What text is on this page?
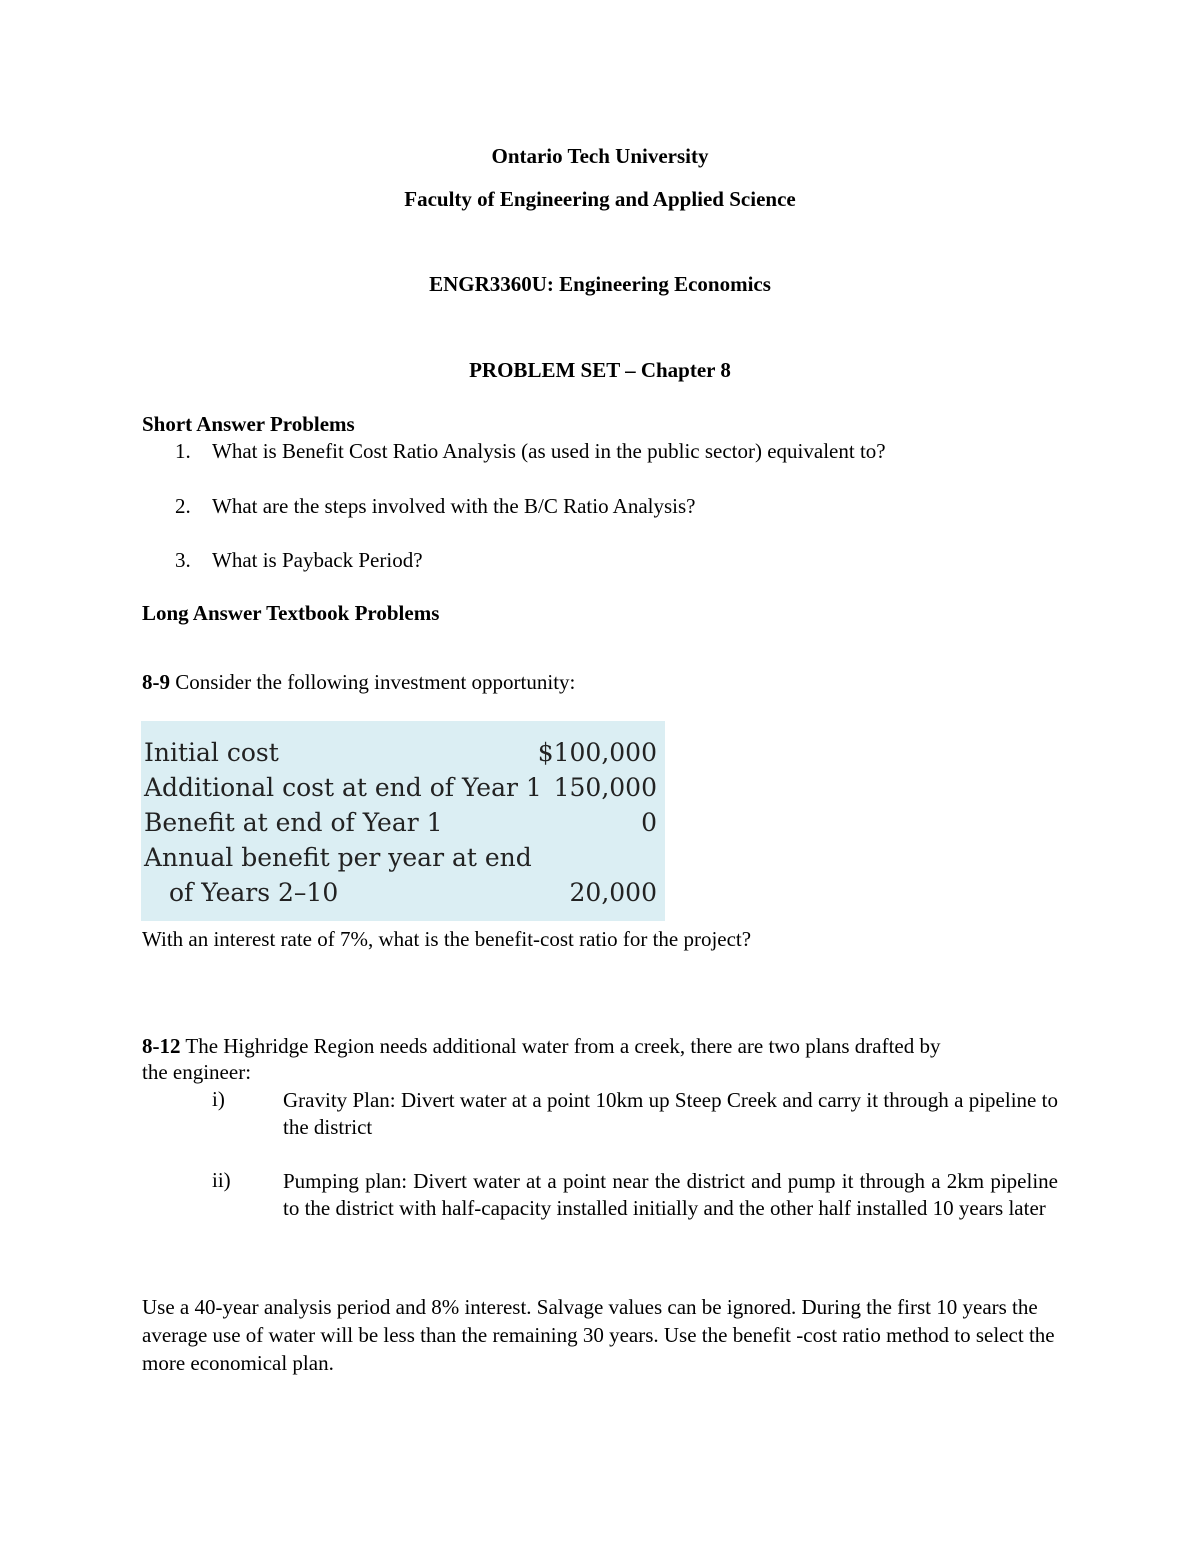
Ontario Tech University
Faculty of Engineering and Applied Science
ENGR3360U: Engineering Economics
PROBLEM SET – Chapter 8
Short Answer Problems
1. What is Benefit Cost Ratio Analysis (as used in the public sector) equivalent to?
2. What are the steps involved with the B/C Ratio Analysis?
3. What is Payback Period?
Long Answer Textbook Problems
8-9 Consider the following investment opportunity:
Initial cost	$100,000
Additional cost at end of Year 1 150,000
Benefit at end of Year 1	0
Annual benefit per year at end
of Years 2–10	20,000
With an interest rate of 7%, what is the benefit-cost ratio for the project?
8-12 The Highridge Region needs additional water from a creek, there are two plans drafted by
the engineer:
i)	Gravity Plan: Divert water at a point 10km up Steep Creek and carry it through a pipeline to the district
ii) Pumping plan: Divert water at a point near the district and pump it through a 2km pipeline to the district with half-capacity installed initially and the other half installed 10 years later
Use a 40-year analysis period and 8% interest. Salvage values can be ignored. During the first 10 years the average use of water will be less than the remaining 30 years. Use the benefit -cost ratio method to select the more economical plan.
